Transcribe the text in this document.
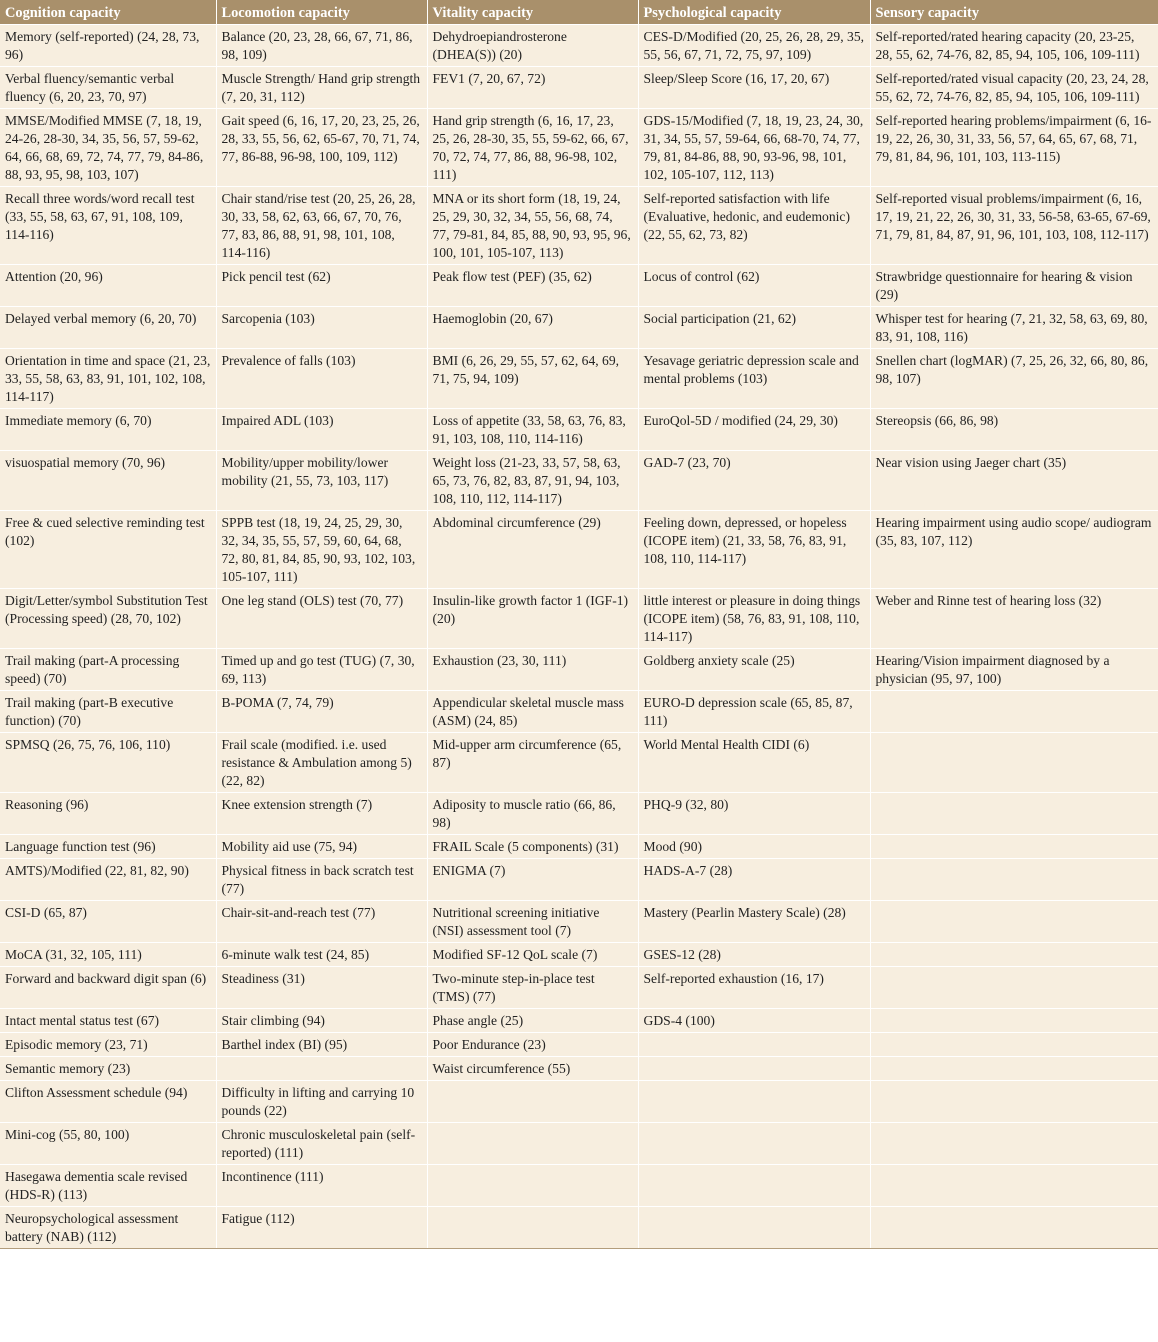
Cognition capacity	Locomotion capacity	Vitality capacity	Psychological capacity	Sensory capacity
Memory (self-reported) (24, 28, 73, 96)	Balance (20, 23, 28, 66, 67, 71, 86, 98, 109)	Dehydroepiandrosterone (DHEA(S)) (20)	CES-D/Modified (20, 25, 26, 28, 29, 35, 55, 56, 67, 71, 72, 75, 97, 109)	Self-reported/rated hearing capacity (20, 23-25, 28, 55, 62, 74-76, 82, 85, 94, 105, 106, 109-111)
Verbal fluency/semantic verbal fluency (6, 20, 23, 70, 97)	Muscle Strength/ Hand grip strength (7, 20, 31, 112)	FEV1 (7, 20, 67, 72)	Sleep/Sleep Score (16, 17, 20, 67)	Self-reported/rated visual capacity (20, 23, 24, 28, 55, 62, 72, 74-76, 82, 85, 94, 105, 106, 109-111)
MMSE/Modified MMSE (7, 18, 19, 24-26, 28-30, 34, 35, 56, 57, 59-62, 64, 66, 68, 69, 72, 74, 77, 79, 84-86, 88, 93, 95, 98, 103, 107)	Gait speed (6, 16, 17, 20, 23, 25, 26, 28, 33, 55, 56, 62, 65-67, 70, 71, 74, 77, 86-88, 96-98, 100, 109, 112)	Hand grip strength (6, 16, 17, 23, 25, 26, 28-30, 35, 55, 59-62, 66, 67, 70, 72, 74, 77, 86, 88, 96-98, 102, 111)	GDS-15/Modified (7, 18, 19, 23, 24, 30, 31, 34, 55, 57, 59-64, 66, 68-70, 74, 77, 79, 81, 84-86, 88, 90, 93-96, 98, 101, 102, 105-107, 112, 113)	Self-reported hearing problems/impairment (6, 16-19, 22, 26, 30, 31, 33, 56, 57, 64, 65, 67, 68, 71, 79, 81, 84, 96, 101, 103, 113-115)
Recall three words/word recall test (33, 55, 58, 63, 67, 91, 108, 109, 114-116)	Chair stand/rise test (20, 25, 26, 28, 30, 33, 58, 62, 63, 66, 67, 70, 76, 77, 83, 86, 88, 91, 98, 101, 108, 114-116)	MNA or its short form (18, 19, 24, 25, 29, 30, 32, 34, 55, 56, 68, 74, 77, 79-81, 84, 85, 88, 90, 93, 95, 96, 100, 101, 105-107, 113)	Self-reported satisfaction with life (Evaluative, hedonic, and eudemonic) (22, 55, 62, 73, 82)	Self-reported visual problems/impairment (6, 16, 17, 19, 21, 22, 26, 30, 31, 33, 56-58, 63-65, 67-69, 71, 79, 81, 84, 87, 91, 96, 101, 103, 108, 112-117)
Attention (20, 96)	Pick pencil test (62)	Peak flow test (PEF) (35, 62)	Locus of control (62)	Strawbridge questionnaire for hearing & vision (29)
Delayed verbal memory (6, 20, 70)	Sarcopenia (103)	Haemoglobin (20, 67)	Social participation (21, 62)	Whisper test for hearing (7, 21, 32, 58, 63, 69, 80, 83, 91, 108, 116)
Orientation in time and space (21, 23, 33, 55, 58, 63, 83, 91, 101, 102, 108, 114-117)	Prevalence of falls (103)	BMI (6, 26, 29, 55, 57, 62, 64, 69, 71, 75, 94, 109)	Yesavage geriatric depression scale and mental problems (103)	Snellen chart (logMAR) (7, 25, 26, 32, 66, 80, 86, 98, 107)
Immediate memory (6, 70)	Impaired ADL (103)	Loss of appetite (33, 58, 63, 76, 83, 91, 103, 108, 110, 114-116)	EuroQol-5D / modified (24, 29, 30)	Stereopsis (66, 86, 98)
visuospatial memory (70, 96)	Mobility/upper mobility/lower mobility (21, 55, 73, 103, 117)	Weight loss (21-23, 33, 57, 58, 63, 65, 73, 76, 82, 83, 87, 91, 94, 103, 108, 110, 112, 114-117)	GAD-7 (23, 70)	Near vision using Jaeger chart (35)
Free & cued selective reminding test (102)	SPPB test (18, 19, 24, 25, 29, 30, 32, 34, 35, 55, 57, 59, 60, 64, 68, 72, 80, 81, 84, 85, 90, 93, 102, 103, 105-107, 111)	Abdominal circumference (29)	Feeling down, depressed, or hopeless (ICOPE item) (21, 33, 58, 76, 83, 91, 108, 110, 114-117)	Hearing impairment using audio scope/ audiogram (35, 83, 107, 112)
Digit/Letter/symbol Substitution Test (Processing speed) (28, 70, 102)	One leg stand (OLS) test (70, 77)	Insulin-like growth factor 1 (IGF-1) (20)	little interest or pleasure in doing things (ICOPE item) (58, 76, 83, 91, 108, 110, 114-117)	Weber and Rinne test of hearing loss (32)
Trail making (part-A processing speed) (70)	Timed up and go test (TUG) (7, 30, 69, 113)	Exhaustion (23, 30, 111)	Goldberg anxiety scale (25)	Hearing/Vision impairment diagnosed by a physician (95, 97, 100)
Trail making (part-B executive function) (70)	B-POMA (7, 74, 79)	Appendicular skeletal muscle mass (ASM) (24, 85)	EURO-D depression scale (65, 85, 87, 111)	
SPMSQ (26, 75, 76, 106, 110)	Frail scale (modified. i.e. used resistance & Ambulation among 5) (22, 82)	Mid-upper arm circumference (65, 87)	World Mental Health CIDI (6)	
Reasoning (96)	Knee extension strength (7)	Adiposity to muscle ratio (66, 86, 98)	PHQ-9 (32, 80)	
Language function test (96)	Mobility aid use (75, 94)	FRAIL Scale (5 components) (31)	Mood (90)	
AMTS)/Modified (22, 81, 82, 90)	Physical fitness in back scratch test (77)	ENIGMA (7)	HADS-A-7 (28)	
CSI-D (65, 87)	Chair-sit-and-reach test (77)	Nutritional screening initiative (NSI) assessment tool (7)	Mastery (Pearlin Mastery Scale) (28)	
MoCA (31, 32, 105, 111)	6-minute walk test (24, 85)	Modified SF-12 QoL scale (7)	GSES-12 (28)	
Forward and backward digit span (6)	Steadiness (31)	Two-minute step-in-place test (TMS) (77)	Self-reported exhaustion (16, 17)	
Intact mental status test (67)	Stair climbing (94)	Phase angle (25)	GDS-4 (100)	
Episodic memory (23, 71)	Barthel index (BI) (95)	Poor Endurance (23)		
Semantic memory (23)		Waist circumference (55)		
Clifton Assessment schedule (94)	Difficulty in lifting and carrying 10 pounds (22)			
Mini-cog (55, 80, 100)	Chronic musculoskeletal pain (self-reported) (111)			
Hasegawa dementia scale revised (HDS-R) (113)	Incontinence (111)			
Neuropsychological assessment battery (NAB) (112)	Fatigue (112)			
